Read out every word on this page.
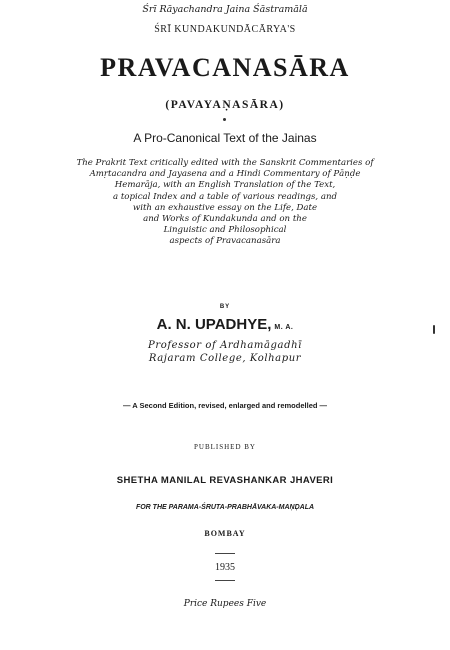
Śrī Rāyachandra Jaina Śāstramālā
ŚRĪ KUNDAKUNDĀCĀRYA'S
PRAVACANASĀRA
(PAVAYAṆASĀRA)
A Pro-Canonical Text of the Jainas
The Prakrit Text critically edited with the Sanskrit Commentaries of
Amṛtacandra and Jayasena and a Hindi Commentary of Pāṇḍe
Hemarāja, with an English Translation of the Text,
a topical Index and a table of various readings, and
with an exhaustive essay on the Life, Date
and Works of Kundakunda and on the
Linguistic and Philosophical
aspects of Pravacanasāra
BY
A. N. UPADHYE, M. A.
Professor of Ardhamāgadhī
Rajaram College, Kolhapur
— A Second Edition, revised, enlarged and remodelled —
PUBLISHED BY
SHETHA MANILAL REVASHANKAR JHAVERI
FOR THE PARAMA-ŚRUTA-PRABHĀVAKA-MAṆḌALA
BOMBAY
1935
Price Rupees Five
